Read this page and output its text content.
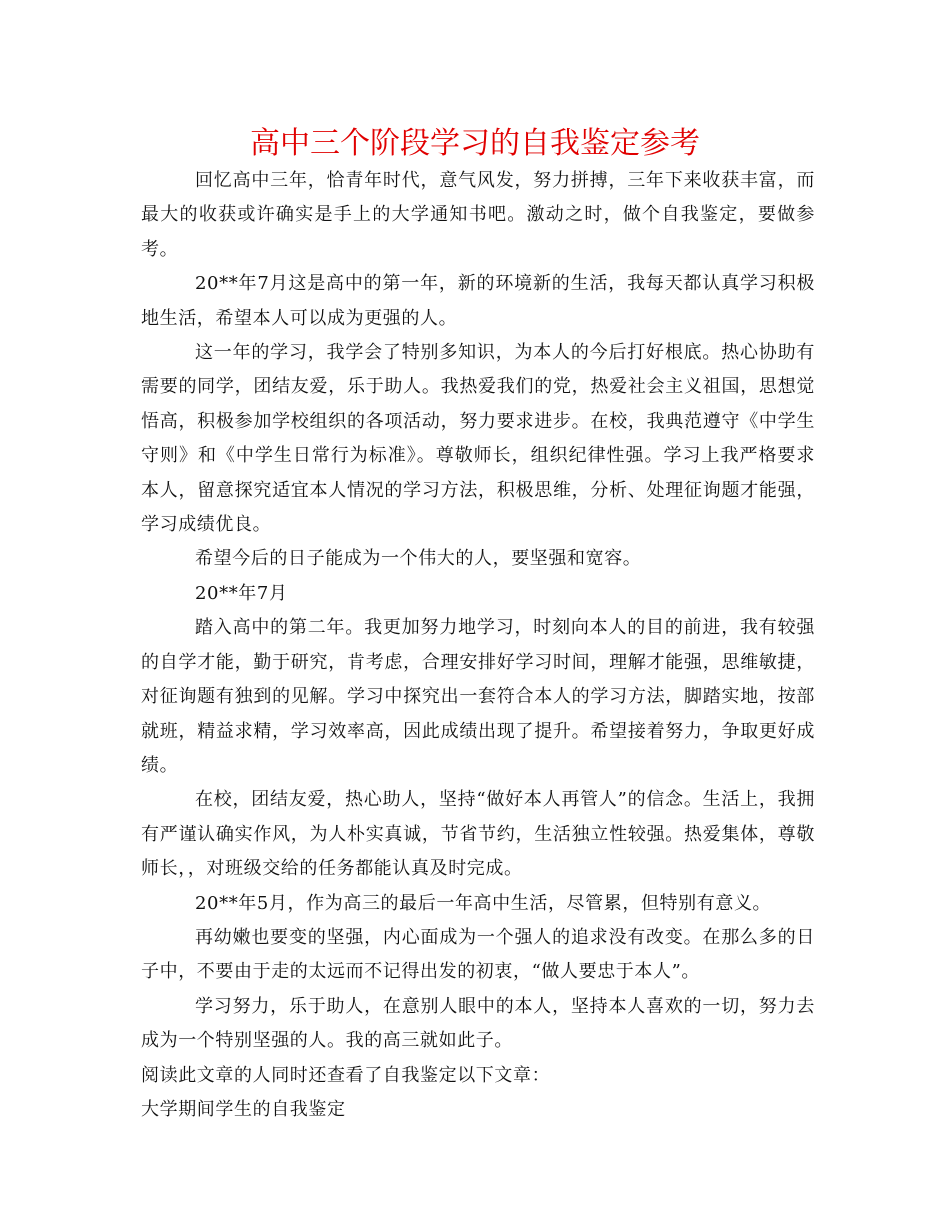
高中三个阶段学习的自我鉴定参考

回忆高中三年，恰青年时代，意气风发，努力拼搏，三年下来收获丰富，而最大的收获或许确实是手上的大学通知书吧。激动之时，做个自我鉴定，要做参考。

20**年7月这是高中的第一年，新的环境新的生活，我每天都认真学习积极地生活，希望本人可以成为更强的人。

这一年的学习，我学会了特别多知识，为本人的今后打好根底。热心协助有需要的同学，团结友爱，乐于助人。我热爱我们的党，热爱社会主义祖国，思想觉悟高，积极参加学校组织的各项活动，努力要求进步。在校，我典范遵守《中学生守则》和《中学生日常行为标准》。尊敬师长，组织纪律性强。学习上我严格要求本人，留意探究适宜本人情况的学习方法，积极思维，分析、处理征询题才能强，学习成绩优良。

希望今后的日子能成为一个伟大的人，要坚强和宽容。

20**年7月

踏入高中的第二年。我更加努力地学习，时刻向本人的目的前进，我有较强的自学才能，勤于研究，肯考虑，合理安排好学习时间，理解才能强，思维敏捷，对征询题有独到的见解。学习中探究出一套符合本人的学习方法，脚踏实地，按部就班，精益求精，学习效率高，因此成绩出现了提升。希望接着努力，争取更好成绩。

在校，团结友爱，热心助人，坚持“做好本人再管人”的信念。生活上，我拥有严谨认确实作风，为人朴实真诚，节省节约，生活独立性较强。热爱集体，尊敬师长，，对班级交给的任务都能认真及时完成。

20**年5月，作为高三的最后一年高中生活，尽管累，但特别有意义。

再幼嫩也要变的坚强，内心面成为一个强人的追求没有改变。在那么多的日子中，不要由于走的太远而不记得出发的初衷，“做人要忠于本人”。

学习努力，乐于助人，在意别人眼中的本人，坚持本人喜欢的一切，努力去成为一个特别坚强的人。我的高三就如此子。

阅读此文章的人同时还查看了自我鉴定以下文章：

大学期间学生的自我鉴定
